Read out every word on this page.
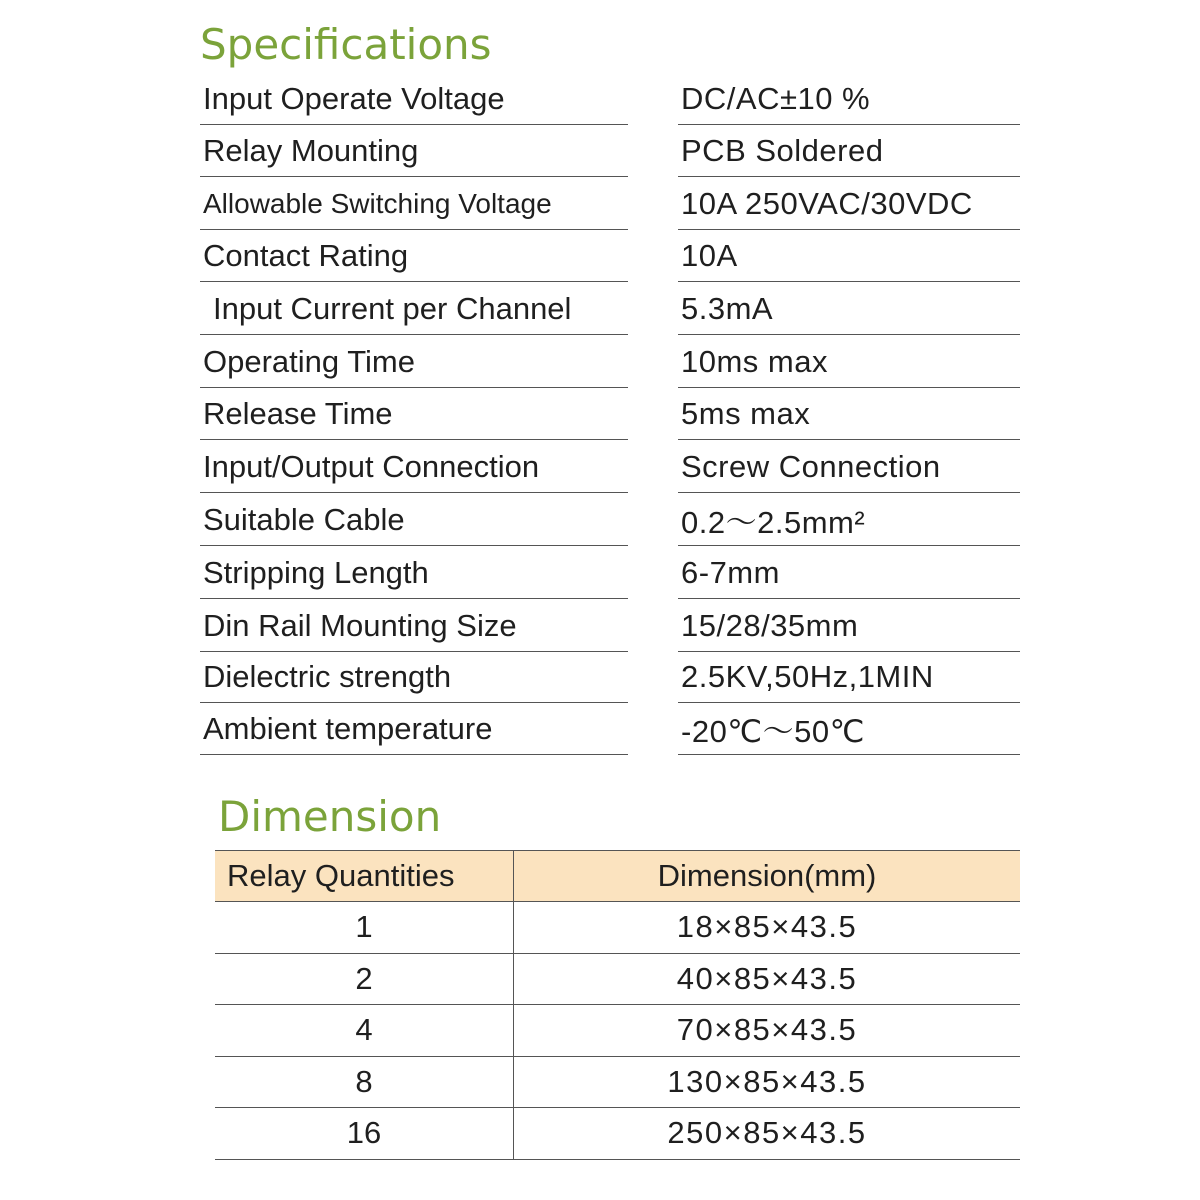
Specifications
Input Operate Voltage	DC/AC±10 %
Relay Mounting	PCB Soldered
Allowable Switching Voltage	10A 250VAC/30VDC
Contact Rating	10A
Input Current per Channel	5.3mA
Operating Time	10ms max
Release Time	5ms max
Input/Output Connection	Screw Connection
Suitable Cable	0.2～2.5mm²
Stripping Length	6-7mm
Din Rail Mounting Size	15/28/35mm
Dielectric strength	2.5KV,50Hz,1MIN
Ambient temperature	-20℃～50℃
Dimension
Relay Quantities	Dimension(mm)
1	18×85×43.5
2	40×85×43.5
4	70×85×43.5
8	130×85×43.5
16	250×85×43.5
